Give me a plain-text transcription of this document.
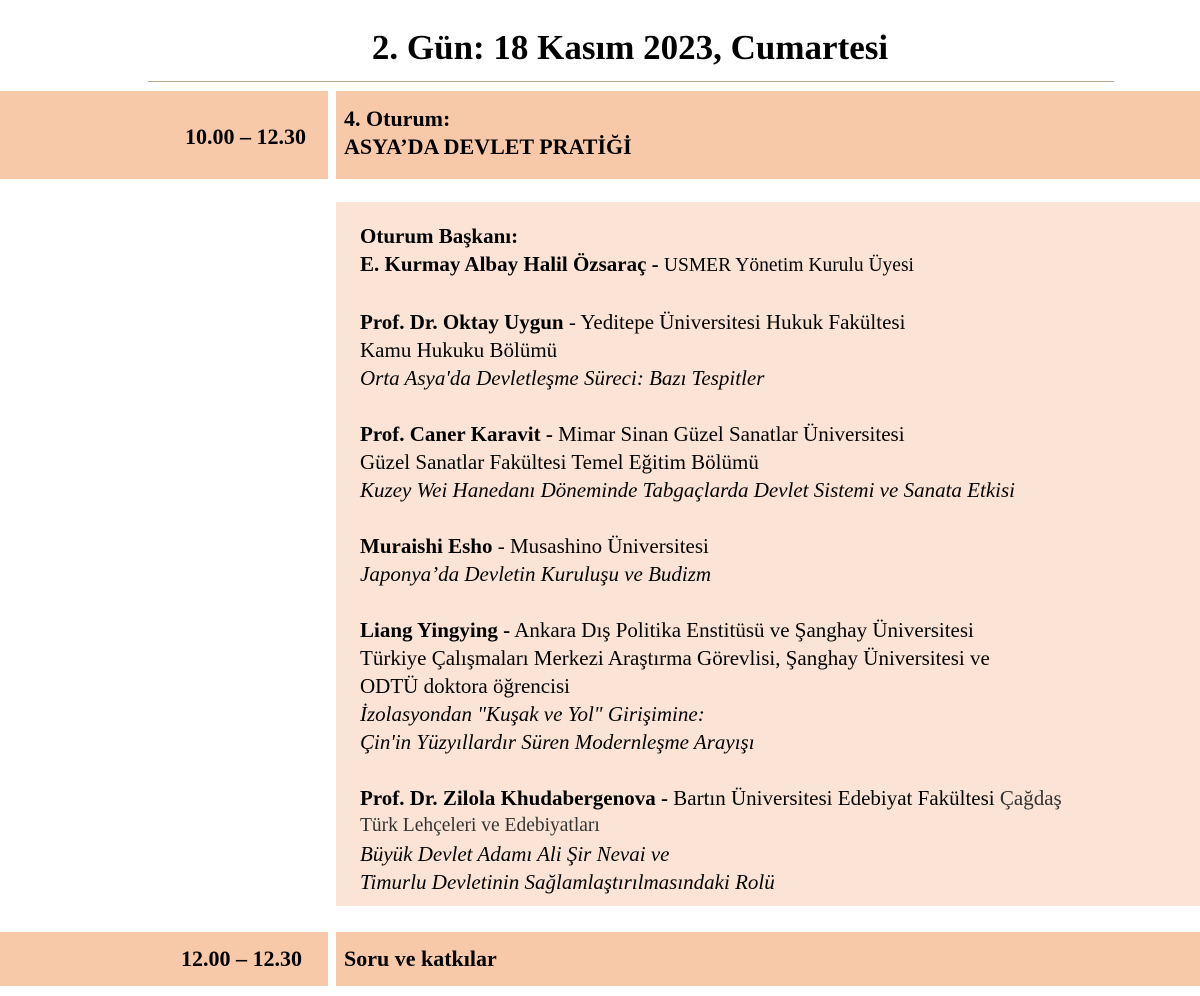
2. Gün: 18 Kasım 2023, Cumartesi
10.00 – 12.30
4. Oturum:
ASYA’DA DEVLET PRATİĞİ
Oturum Başkanı:
E. Kurmay Albay Halil Özsaraç - USMER Yönetim Kurulu Üyesi
Prof. Dr. Oktay Uygun - Yeditepe Üniversitesi Hukuk Fakültesi
Kamu Hukuku Bölümü
Orta Asya'da Devletleşme Süreci: Bazı Tespitler
Prof. Caner Karavit - Mimar Sinan Güzel Sanatlar Üniversitesi
Güzel Sanatlar Fakültesi Temel Eğitim Bölümü
Kuzey Wei Hanedanı Döneminde Tabgaçlarda Devlet Sistemi ve Sanata Etkisi
Muraishi Esho - Musashino Üniversitesi
Japonya’da Devletin Kuruluşu ve Budizm
Liang Yingying - Ankara Dış Politika Enstitüsü ve Şanghay Üniversitesi
Türkiye Çalışmaları Merkezi Araştırma Görevlisi, Şanghay Üniversitesi ve
ODTÜ doktora öğrencisi
İzolasyondan "Kuşak ve Yol" Girişimine:
Çin'in Yüzyıllardır Süren Modernleşme Arayışı
Prof. Dr. Zilola Khudabergenova - Bartın Üniversitesi Edebiyat Fakültesi Çağdaş
Türk Lehçeleri ve Edebiyatları
Büyük Devlet Adamı Ali Şir Nevai ve
Timurlu Devletinin Sağlamlaştırılmasındaki Rolü
12.00 – 12.30 Soru ve katkılar
